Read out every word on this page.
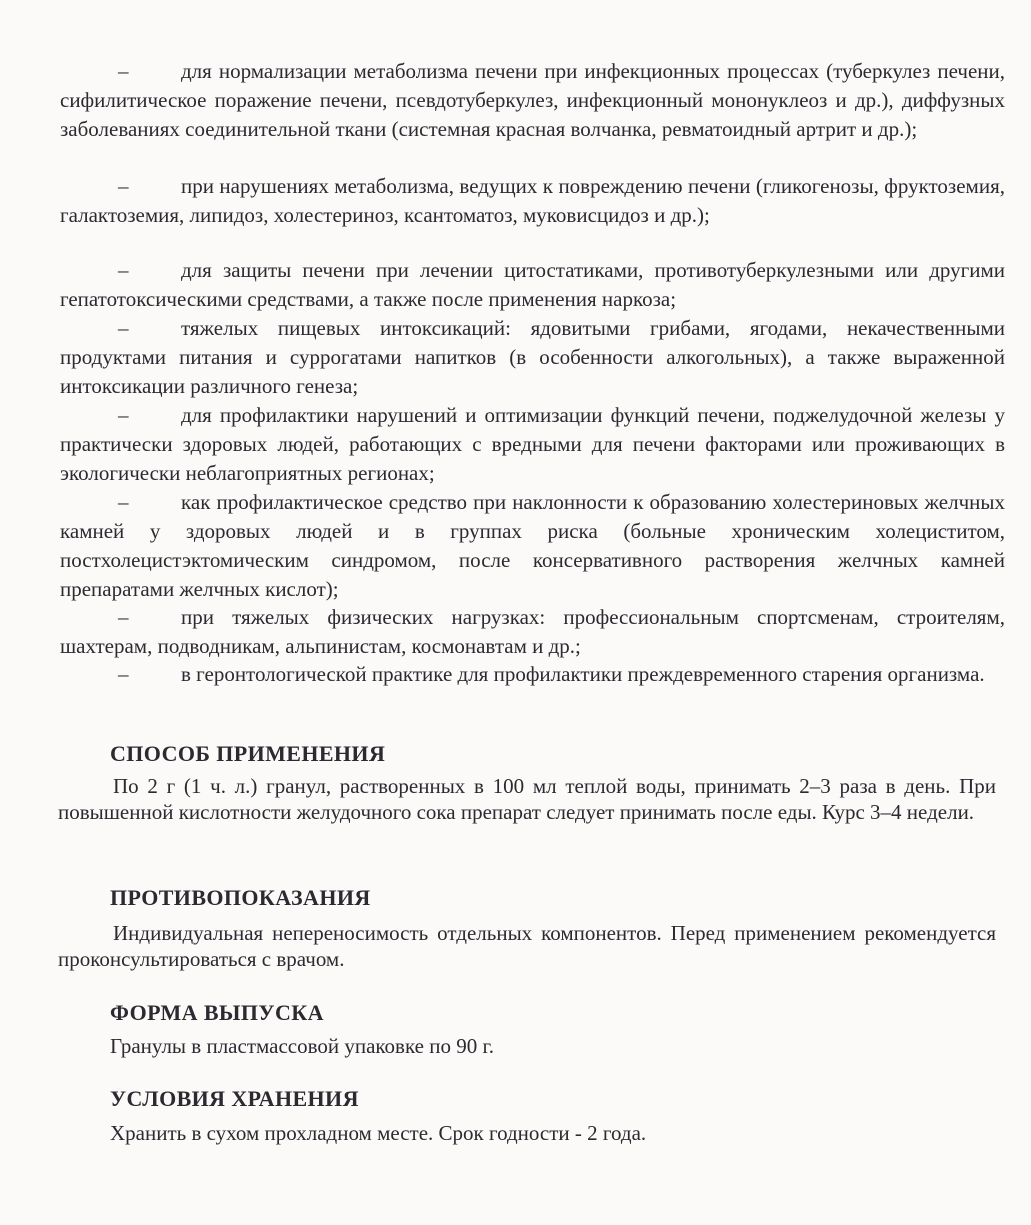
–	для нормализации метаболизма печени при инфекционных процессах (туберкулез печени, сифилитическое поражение печени, псевдотуберкулез, инфекционный мононуклеоз и др.), диффузных заболеваниях соединительной ткани (системная красная волчанка, ревматоидный артрит и др.);
–	при нарушениях метаболизма, ведущих к повреждению печени (гликогенозы, фруктоземия, галактоземия, липидоз, холестериноз, ксантоматоз, муковисцидоз и др.);
–	для защиты печени при лечении цитостатиками, противотуберкулезными или другими гепатотоксическими средствами, а также после применения наркоза;
–	тяжелых пищевых интоксикаций: ядовитыми грибами, ягодами, некачественными продуктами питания и суррогатами напитков (в особенности алкогольных), а также выраженной интоксикации различного генеза;
–	для профилактики нарушений и оптимизации функций печени, поджелудочной железы у практически здоровых людей, работающих с вредными для печени факторами или проживающих в экологически неблагоприятных регионах;
–	как профилактическое средство при наклонности к образованию холестериновых желчных камней у здоровых людей и в группах риска (больные хроническим холециститом, постхолецистэктомическим синдромом, после консервативного растворения желчных камней препаратами желчных кислот);
–	при тяжелых физических нагрузках: профессиональным спортсменам, строителям, шахтерам, подводникам, альпинистам, космонавтам и др.;
–	в геронтологической практике для профилактики преждевременного старения организма.
СПОСОБ ПРИМЕНЕНИЯ
По 2 г (1 ч. л.) гранул, растворенных в 100 мл теплой воды, принимать 2–3 раза в день. При повышенной кислотности желудочного сока препарат следует принимать после еды. Курс 3–4 недели.
ПРОТИВОПОКАЗАНИЯ
Индивидуальная непереносимость отдельных компонентов. Перед применением рекомендуется проконсультироваться с врачом.
ФОРМА ВЫПУСКА
Гранулы в пластмассовой упаковке по 90 г.
УСЛОВИЯ ХРАНЕНИЯ
Хранить в сухом прохладном месте. Срок годности - 2 года.
